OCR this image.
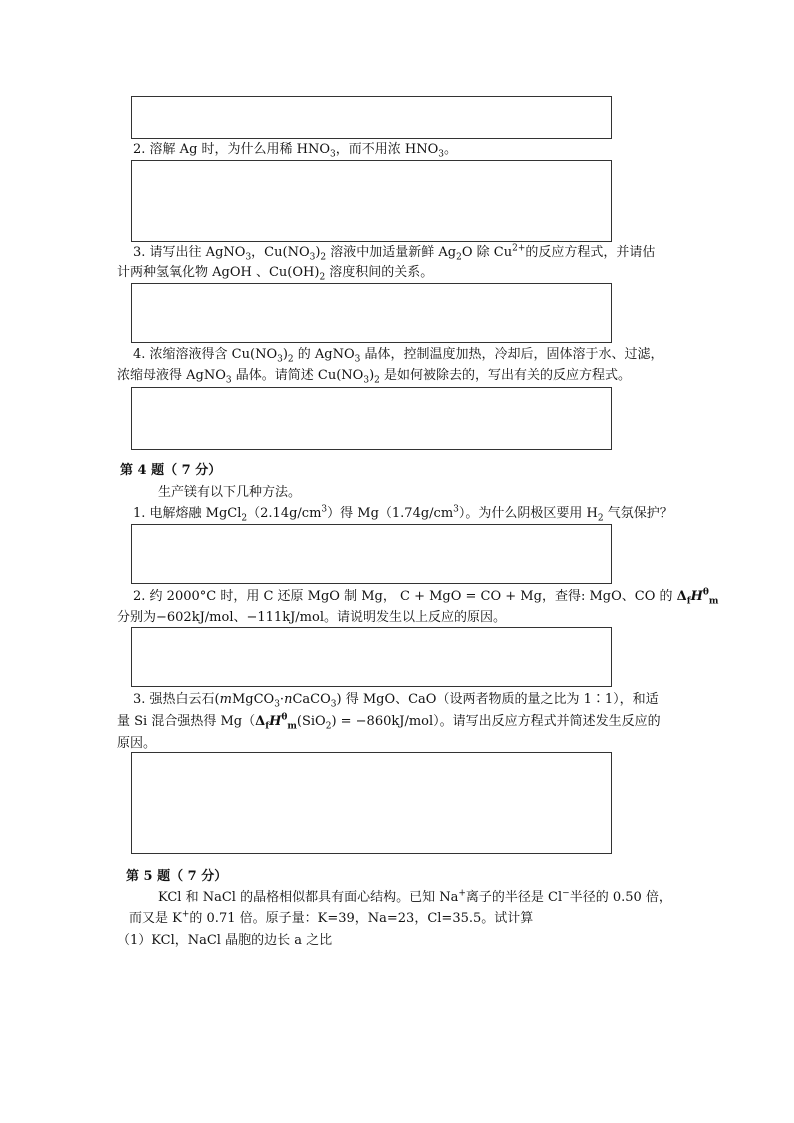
2. 溶解 Ag 时，为什么用稀 $HNO_3$，而不用浓 $HNO_3$。
3. 请写出往 AgNO$_3$，$Cu(NO_3)_2$ 溶液中加适量新鲜 $Ag_2O$ 除 $Cu^{2+}$的反应方程式，并请估
计两种氢氧化物 AgOH 、$Cu(OH)_2$ 溶度积间的关系。
4. 浓缩溶液得含 $Cu(NO_3)_2$ 的 AgNO$_3$ 晶体，控制温度加热，冷却后，固体溶于水、过滤，
浓缩母液得 AgNO$_3$ 晶体。请简述 $Cu(NO_3)_2$ 是如何被除去的，写出有关的反应方程式。
第 4 题（ 7 分）
生产镁有以下几种方法。
1. 电解熔融 $MgCl_2(2.14g/cm^3)$得 $Mg(1.74g/cm^3)$。为什么阴极区要用 $H_2$ 气氛保护？
2. 约 2000°C 时，用 C 还原 MgO 制 Mg， C + MgO = CO + Mg，查得: MgO、CO 的 $\Delta_fH^\theta_m$
分别为−602kJ/mol、−111kJ/mol。请说明发生以上反应的原因。
3. 强热白云石(mMgCO$_3$·nCaCO$_3$) 得 MgO、CaO（设两者物质的量之比为 1∶1），和适
量 Si 混合强热得 $Mg(\Delta_fH^\theta_m(SiO_2) = -860kJ/mol)$。请写出反应方程式并简述发生反应的
原因。
第 5 题（ 7 分）
KCl 和 NaCl 的晶格相似都具有面心结构。已知 Na+离子的半径是 Cl−半径的 0.50 倍，
而又是 K+的 0.71 倍。原子量：K=39，Na=23，Cl=35.5。试计算
（1）KCl，NaCl 晶胞的边长 a 之比
